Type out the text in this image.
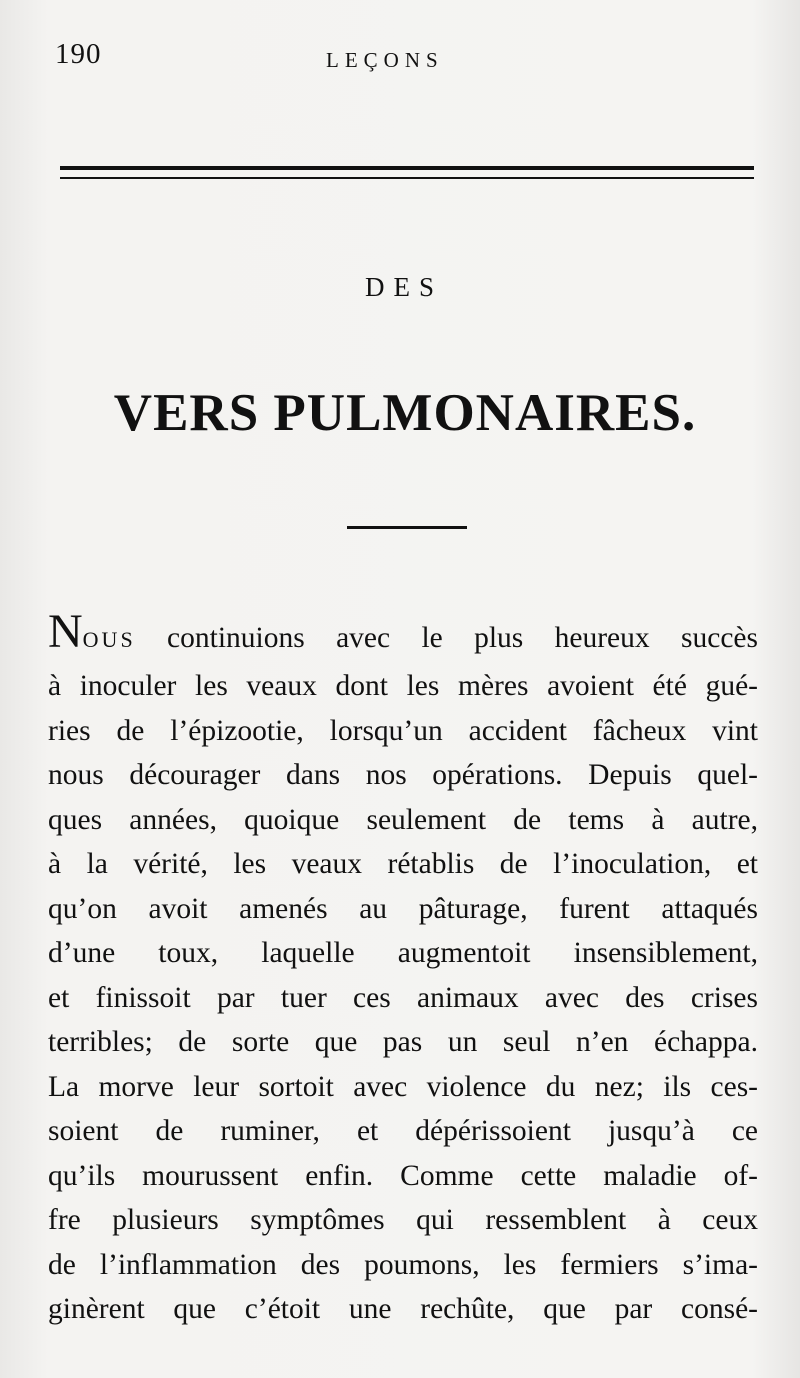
190	LEÇONS
DES
VERS PULMONAIRES.
NOUS continuions avec le plus heureux succès
à inoculer les veaux dont les mères avoient été gué-
ries de l’épizootie, lorsqu’un accident fâcheux vint
nous décourager dans nos opérations. Depuis quel-
ques années, quoique seulement de tems à autre,
à la vérité, les veaux rétablis de l’inoculation, et
qu’on avoit amenés au pâturage, furent attaqués
d’une toux, laquelle augmentoit insensiblement,
et finissoit par tuer ces animaux avec des crises
terribles; de sorte que pas un seul n’en échappa.
La morve leur sortoit avec violence du nez; ils ces-
soient de ruminer, et dépérissoient jusqu’à ce
qu’ils mourussent enfin. Comme cette maladie of-
fre plusieurs symptômes qui ressemblent à ceux
de l’inflammation des poumons, les fermiers s’ima-
ginèrent que c’étoit une rechûte, que par consé-
